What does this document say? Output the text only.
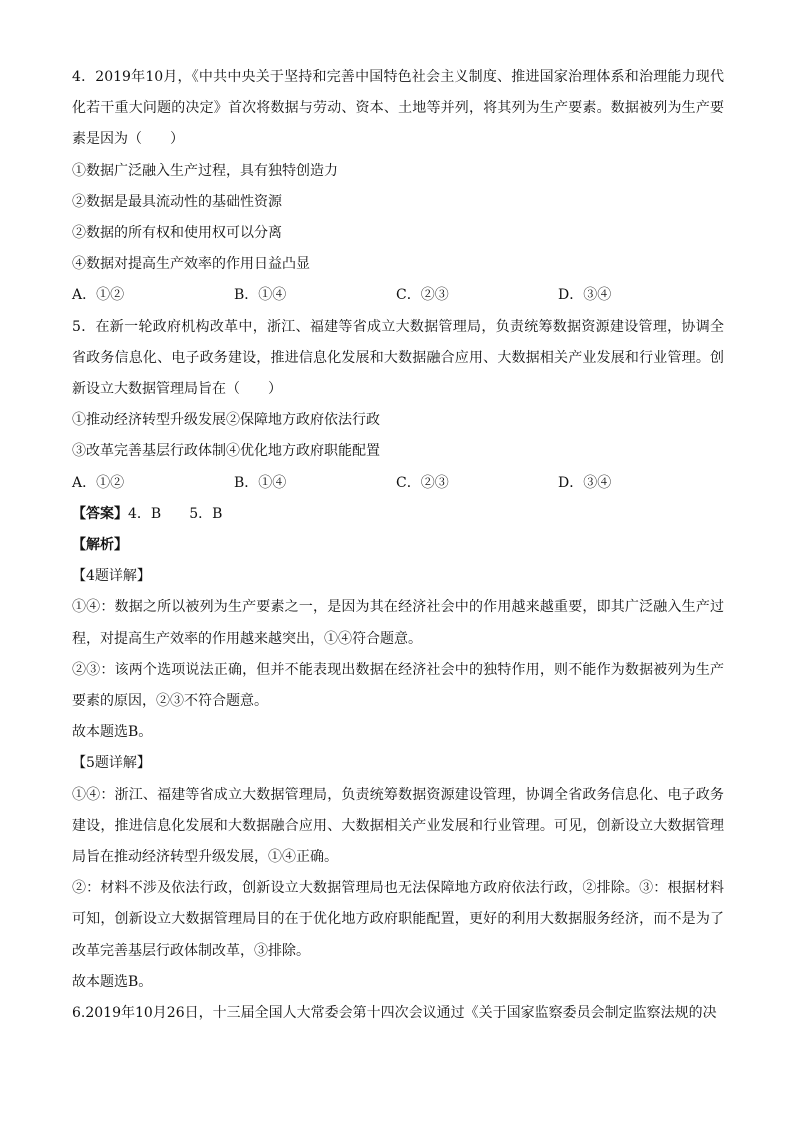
4．2019年10月，《中共中央关于坚持和完善中国特色社会主义制度、推进国家治理体系和治理能力现代化若干重大问题的决定》首次将数据与劳动、资本、土地等并列，将其列为生产要素。数据被列为生产要素是因为（　　）
①数据广泛融入生产过程，具有独特创造力
②数据是最具流动性的基础性资源
②数据的所有权和使用权可以分离
④数据对提高生产效率的作用日益凸显
A．①②	B．①④	C．②③	D．③④
5．在新一轮政府机构改革中，浙江、福建等省成立大数据管理局，负责统筹数据资源建设管理，协调全省政务信息化、电子政务建设，推进信息化发展和大数据融合应用、大数据相关产业发展和行业管理。创新设立大数据管理局旨在（　　）
①推动经济转型升级发展②保障地方政府依法行政
③改革完善基层行政体制④优化地方政府职能配置
A．①②	B．①④	C．②③	D．③④
【答案】4．B　　5．B
【解析】
【4题详解】
①④：数据之所以被列为生产要素之一，是因为其在经济社会中的作用越来越重要，即其广泛融入生产过程，对提高生产效率的作用越来越突出，①④符合题意。
②③：该两个选项说法正确，但并不能表现出数据在经济社会中的独特作用，则不能作为数据被列为生产要素的原因，②③不符合题意。
故本题选B。
【5题详解】
①④：浙江、福建等省成立大数据管理局，负责统筹数据资源建设管理，协调全省政务信息化、电子政务建设，推进信息化发展和大数据融合应用、大数据相关产业发展和行业管理。可见，创新设立大数据管理局旨在推动经济转型升级发展，①④正确。
②：材料不涉及依法行政，创新设立大数据管理局也无法保障地方政府依法行政，②排除。③：根据材料可知，创新设立大数据管理局目的在于优化地方政府职能配置，更好的利用大数据服务经济，而不是为了改革完善基层行政体制改革，③排除。
故本题选B。
6.2019年10月26日，十三届全国人大常委会第十四次会议通过《关于国家监察委员会制定监察法规的决
